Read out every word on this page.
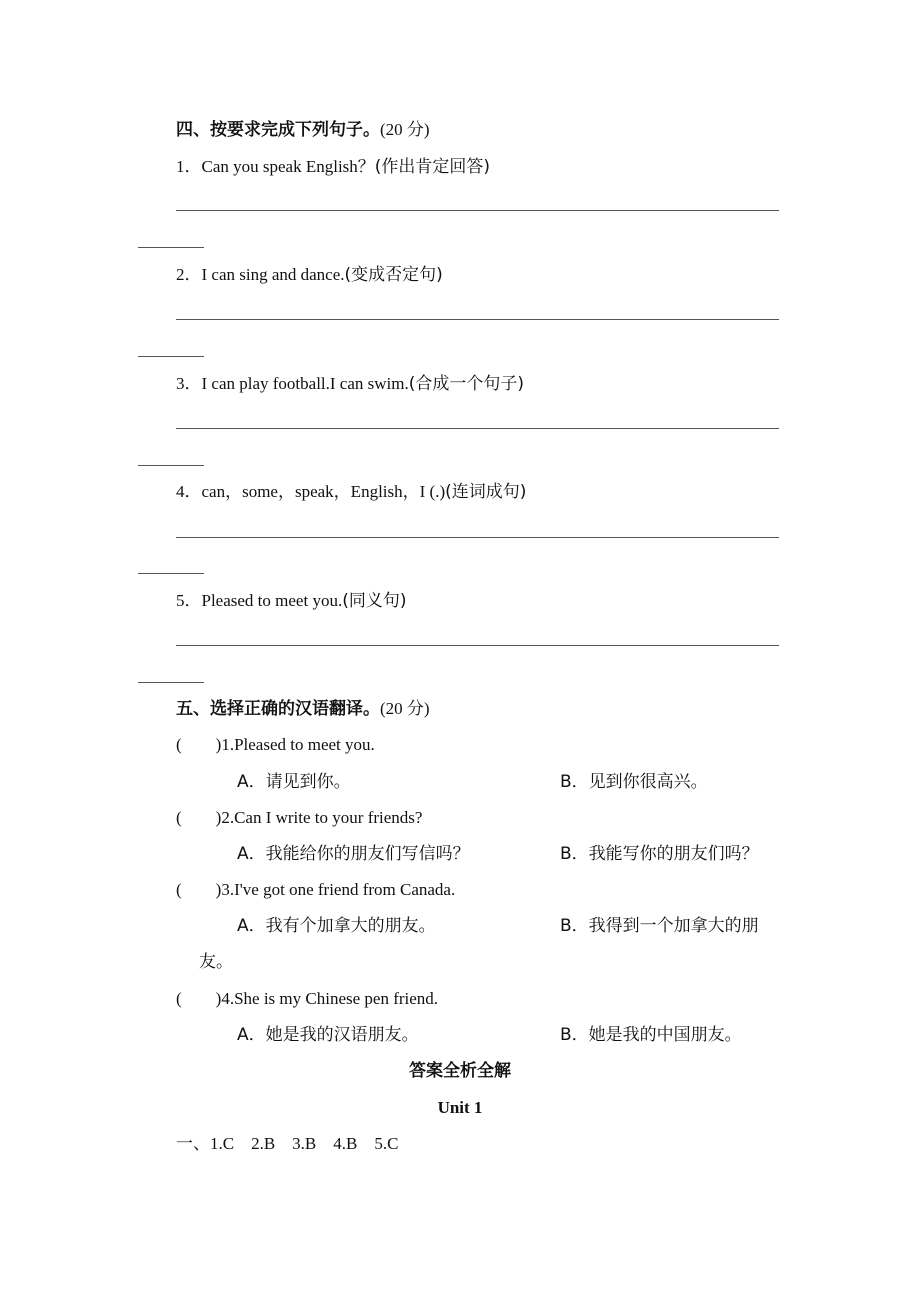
四、按要求完成下列句子。(20 分)
1．Can you speak English？(作出肯定回答)
2．I can sing and dance.(变成否定句)
3．I can play football.I can swim.(合成一个句子)
4．can，some，speak，English，I (.)(连词成句)
5．Pleased to meet you.(同义句)
五、选择正确的汉语翻译。(20 分)
(        )1.Pleased to meet you.
A．请见到你。	B．见到你很高兴。
(        )2.Can I write to your friends?
A．我能给你的朋友们写信吗？	B．我能写你的朋友们吗？
(        )3.I've got one friend from Canada.
A．我有个加拿大的朋友。	B．我得到一个加拿大的朋
友。
(        )4.She is my Chinese pen friend.
A．她是我的汉语朋友。	B．她是我的中国朋友。
答案全析全解
Unit 1
一、1.C　2.B　3.B　4.B　5.C
